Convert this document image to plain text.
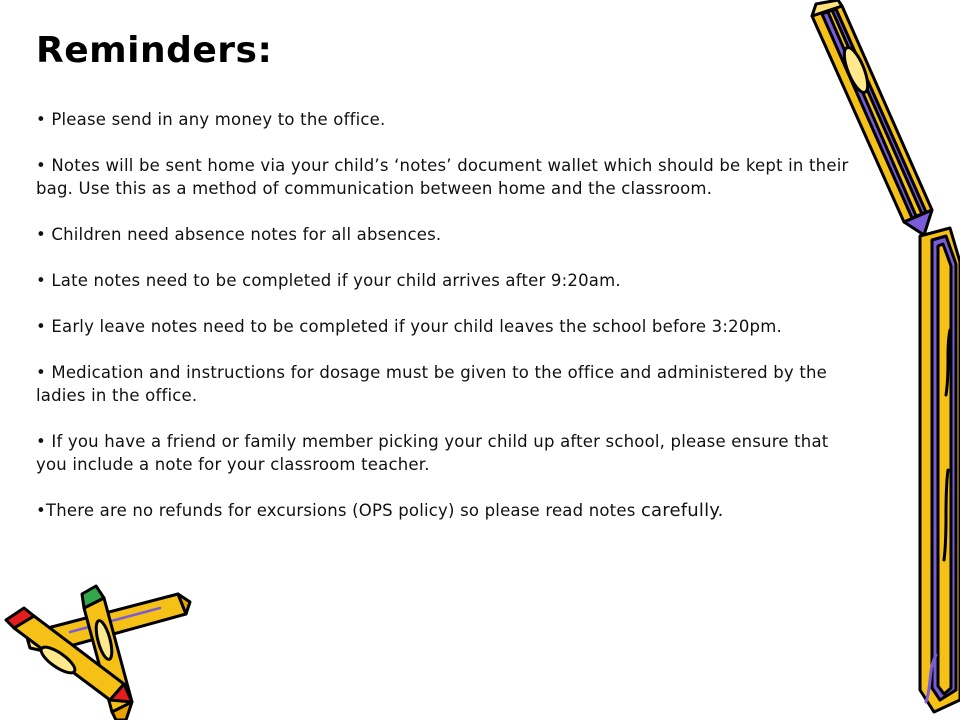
Reminders:

• Please send in any money to the office.

• Notes will be sent home via your child’s ‘notes’ document wallet which should be kept in their bag. Use this as a method of communication between home and the classroom.

• Children need absence notes for all absences.

• Late notes need to be completed if your child arrives after 9:20am.

• Early leave notes need to be completed if your child leaves the school before 3:20pm.

• Medication and instructions for dosage must be given to the office and administered by the ladies in the office.

• If you have a friend or family member picking your child up after school, please ensure that you include a note for your classroom teacher.

•There are no refunds for excursions (OPS policy) so please read notes carefully.
